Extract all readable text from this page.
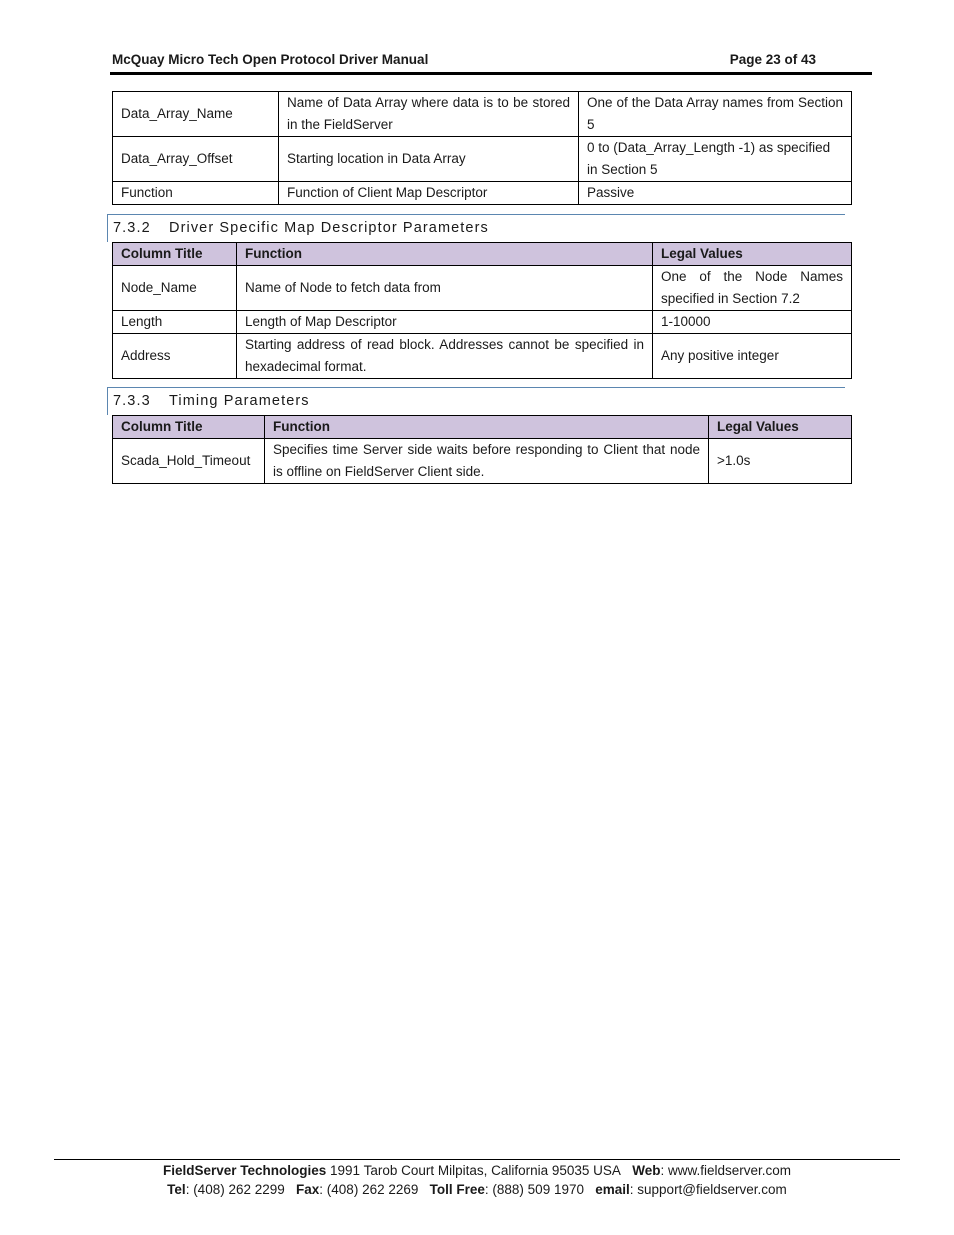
McQuay Micro Tech Open Protocol Driver Manual	Page 23 of 43
Data_Array_Name	Name of Data Array where data is to be stored in the FieldServer	One of the Data Array names from Section 5
Data_Array_Offset	Starting location in Data Array	0 to (Data_Array_Length -1) as specified in Section 5
Function	Function of Client Map Descriptor	Passive
7.3.2 Driver Specific Map Descriptor Parameters
Column Title	Function	Legal Values
Node_Name	Name of Node to fetch data from	One of the Node Names specified in Section 7.2
Length	Length of Map Descriptor	1-10000
Address	Starting address of read block. Addresses cannot be specified in hexadecimal format.	Any positive integer
7.3.3 Timing Parameters
Column Title	Function	Legal Values
Scada_Hold_Timeout	Specifies time Server side waits before responding to Client that node is offline on FieldServer Client side.	>1.0s
FieldServer Technologies 1991 Tarob Court Milpitas, California 95035 USA Web: www.fieldserver.com
Tel: (408) 262 2299 Fax: (408) 262 2269 Toll Free: (888) 509 1970 email: support@fieldserver.com
